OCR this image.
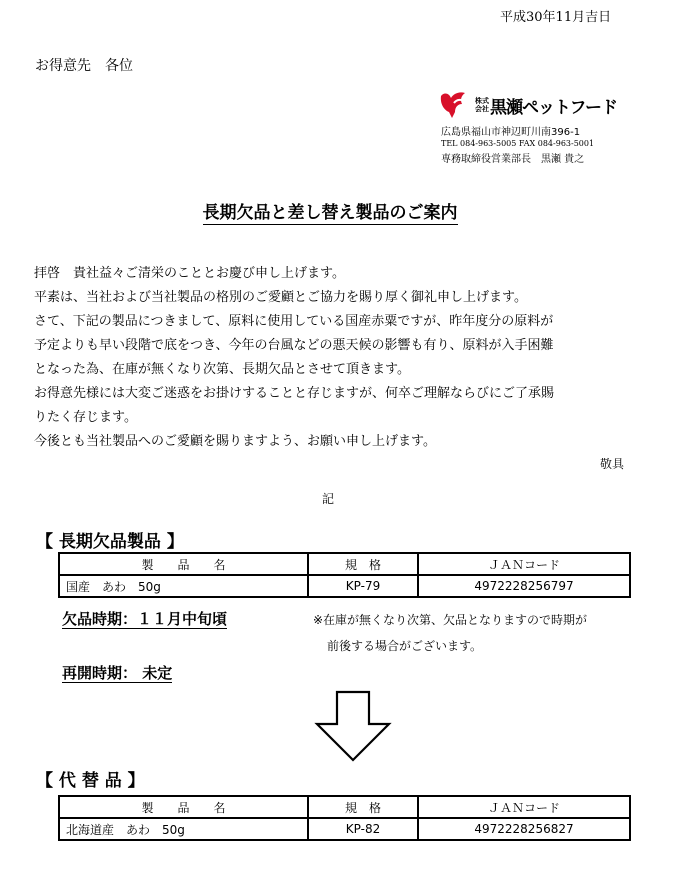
平成30年11月吉日
お得意先　各位
株式会社 黒瀬ペットフード
広島県福山市神辺町川南396-1
TEL 084-963-5005 FAX 084-963-5001
専務取締役営業部長　黒瀬 貴之
長期欠品と差し替え製品のご案内
拝啓　貴社益々ご清栄のこととお慶び申し上げます。
平素は、当社および当社製品の格別のご愛顧とご協力を賜り厚く御礼申し上げます。
さて、下記の製品につきまして、原料に使用している国産赤粟ですが、昨年度分の原料が
予定よりも早い段階で底をつき、今年の台風などの悪天候の影響も有り、原料が入手困難
となった為、在庫が無くなり次第、長期欠品とさせて頂きます。
お得意先様には大変ご迷惑をお掛けすることと存じますが、何卒ご理解ならびにご了承賜
りたく存じます。
今後とも当社製品へのご愛顧を賜りますよう、お願い申し上げます。
敬具
記
【 長期欠品製品 】
製　　品　　名	規　格	ＪＡＮコード
国産　あわ　50g	KP-79	4972228256797
欠品時期：１１月中旬頃	※在庫が無くなり次第、欠品となりますので時期が
前後する場合がございます。
再開時期： 未定
【 代 替 品 】
製　　品　　名	規　格	ＪＡＮコード
北海道産　あわ　50g	KP-82	4972228256827
